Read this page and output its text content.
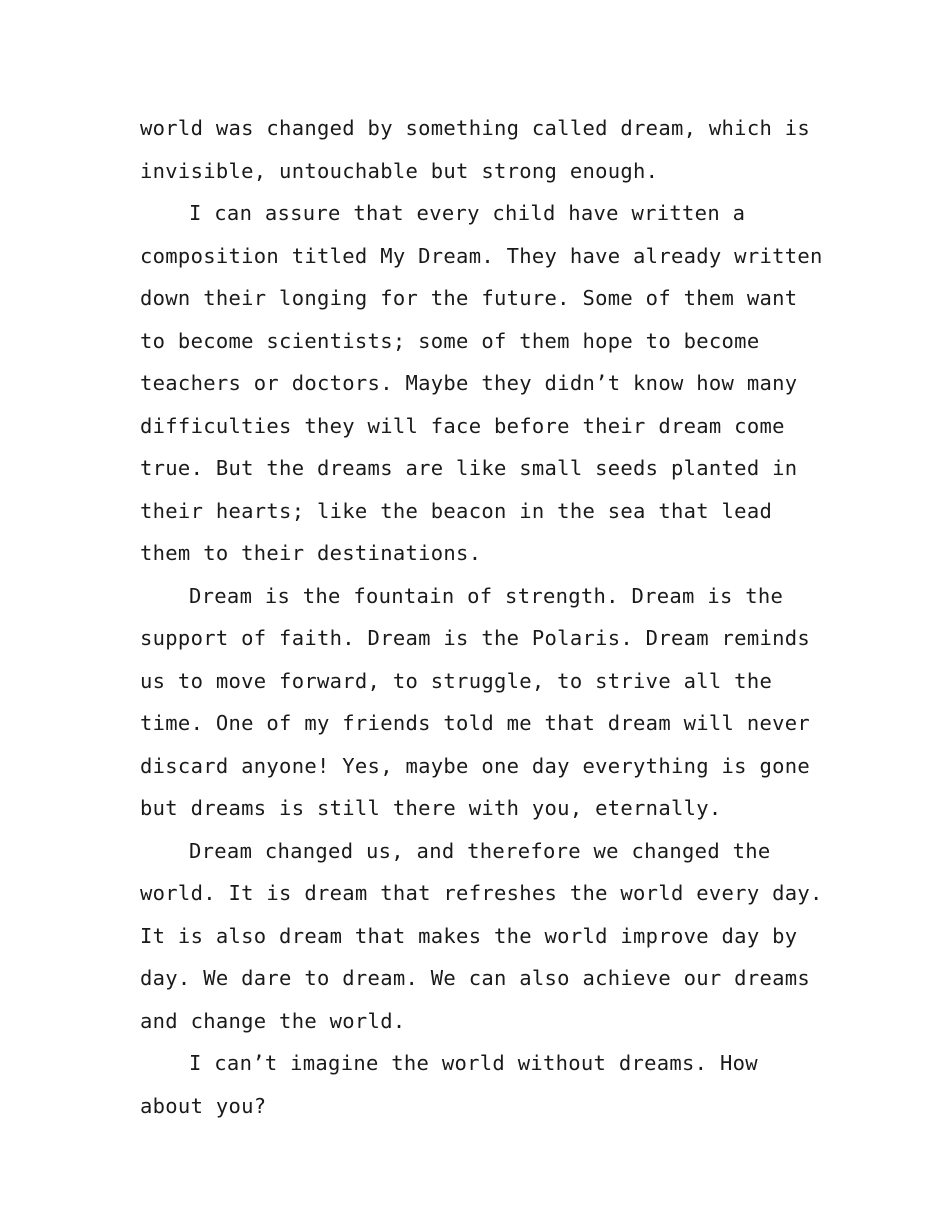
world was changed by something called dream, which is
invisible, untouchable but strong enough.
I can assure that every child have written a
composition titled My Dream. They have already written
down their longing for the future. Some of them want
to become scientists; some of them hope to become
teachers or doctors. Maybe they didn’t know how many
difficulties they will face before their dream come
true. But the dreams are like small seeds planted in
their hearts; like the beacon in the sea that lead
them to their destinations.
Dream is the fountain of strength. Dream is the
support of faith. Dream is the Polaris. Dream reminds
us to move forward, to struggle, to strive all the
time. One of my friends told me that dream will never
discard anyone! Yes, maybe one day everything is gone
but dreams is still there with you, eternally.
Dream changed us, and therefore we changed the
world. It is dream that refreshes the world every day.
It is also dream that makes the world improve day by
day. We dare to dream. We can also achieve our dreams
and change the world.
I can’t imagine the world without dreams. How
about you?
